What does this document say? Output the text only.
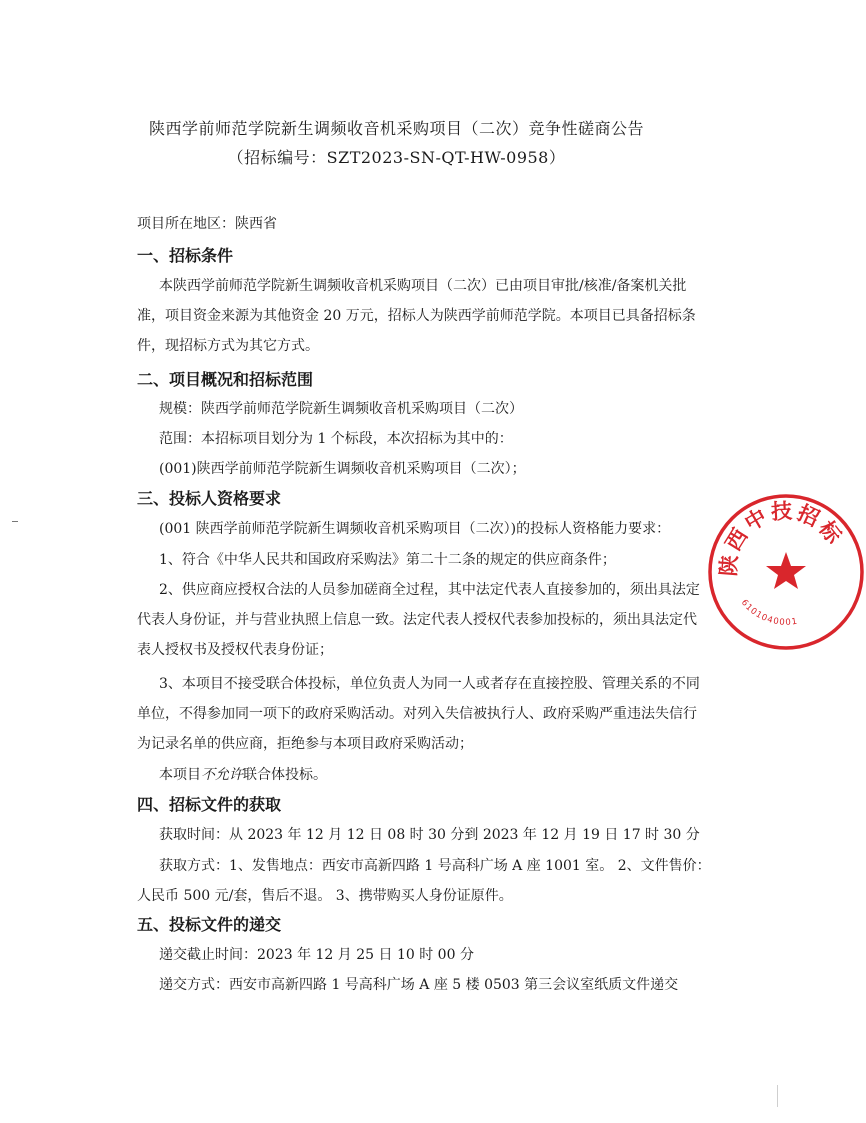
陕西学前师范学院新生调频收音机采购项目（二次）竞争性磋商公告
（招标编号：SZT2023-SN-QT-HW-0958）
项目所在地区：陕西省
一、招标条件
本陕西学前师范学院新生调频收音机采购项目（二次）已由项目审批/核准/备案机关批
准，项目资金来源为其他资金 20 万元，招标人为陕西学前师范学院。本项目已具备招标条
件，现招标方式为其它方式。
二、项目概况和招标范围
规模：陕西学前师范学院新生调频收音机采购项目（二次）
范围：本招标项目划分为 1 个标段，本次招标为其中的：
(001)陕西学前师范学院新生调频收音机采购项目（二次）；
三、投标人资格要求
(001 陕西学前师范学院新生调频收音机采购项目（二次）)的投标人资格能力要求：
1、符合《中华人民共和国政府采购法》第二十二条的规定的供应商条件；
2、供应商应授权合法的人员参加磋商全过程，其中法定代表人直接参加的，须出具法定
代表人身份证，并与营业执照上信息一致。法定代表人授权代表参加投标的，须出具法定代
表人授权书及授权代表身份证；
3、本项目不接受联合体投标，单位负责人为同一人或者存在直接控股、管理关系的不同
单位，不得参加同一项下的政府采购活动。对列入失信被执行人、政府采购严重违法失信行
为记录名单的供应商，拒绝参与本项目政府采购活动；
本项目不允许联合体投标。
四、招标文件的获取
获取时间：从 2023 年 12 月 12 日 08 时 30 分到 2023 年 12 月 19 日 17 时 30 分
获取方式：1、发售地点：西安市高新四路 1 号高科广场 A 座 1001 室。 2、文件售价：
人民币 500 元/套，售后不退。 3、携带购买人身份证原件。
五、投标文件的递交
递交截止时间：2023 年 12 月 25 日 10 时 00 分
递交方式：西安市高新四路 1 号高科广场 A 座 5 楼 0503 第三会议室纸质文件递交
陕西中技招标
6101040001
